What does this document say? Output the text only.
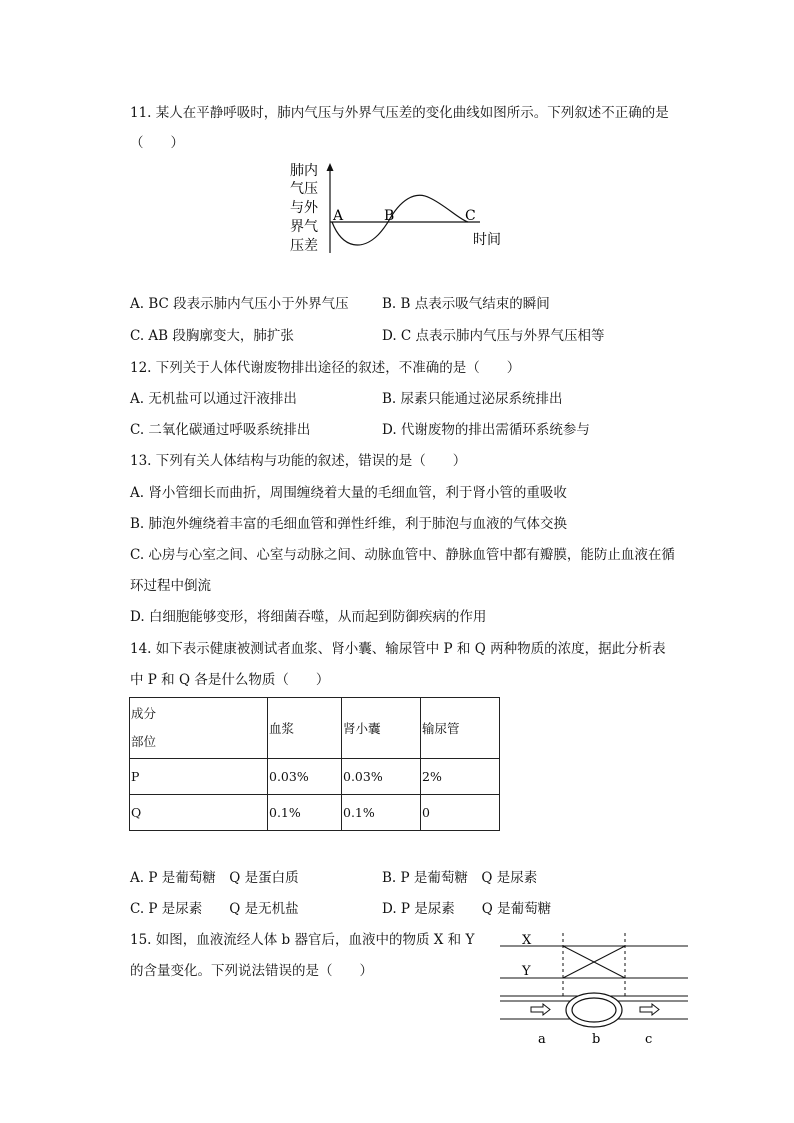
11. 某人在平静呼吸时，肺内气压与外界气压差的变化曲线如图所示。下列叙述不正确的是
（　　）
肺内
气压
与外
界气
压差
A	B	C
时间
A. BC 段表示肺内气压小于外界气压 B. B 点表示吸气结束的瞬间
C. AB 段胸廓变大，肺扩张	D. C 点表示肺内气压与外界气压相等
12. 下列关于人体代谢废物排出途径的叙述，不准确的是（　　）
A. 无机盐可以通过汗液排出	B. 尿素只能通过泌尿系统排出
C. 二氧化碳通过呼吸系统排出	D. 代谢废物的排出需循环系统参与
13. 下列有关人体结构与功能的叙述，错误的是（　　）
A. 肾小管细长而曲折，周围缠绕着大量的毛细血管，利于肾小管的重吸收
B. 肺泡外缠绕着丰富的毛细血管和弹性纤维，利于肺泡与血液的气体交换
C. 心房与心室之间、心室与动脉之间、动脉血管中、静脉血管中都有瓣膜，能防止血液在循
环过程中倒流
D. 白细胞能够变形，将细菌吞噬，从而起到防御疾病的作用
14. 如下表示健康被测试者血浆、肾小囊、输尿管中 P 和 Q 两种物质的浓度，据此分析表
中 P 和 Q 各是什么物质（　　）
成分
部位	血浆	肾小囊	输尿管
P	0.03%	0.03%	2%
Q	0.1%	0.1%	0
A. P 是葡萄糖　Q 是蛋白质	B. P 是葡萄糖　Q 是尿素
C. P 是尿素　　Q 是无机盐	D. P 是尿素　　Q 是葡萄糖
15. 如图，血液流经人体 b 器官后，血液中的物质 X 和 Y
的含量变化。下列说法错误的是（　　）
X
Y
a	b	c
